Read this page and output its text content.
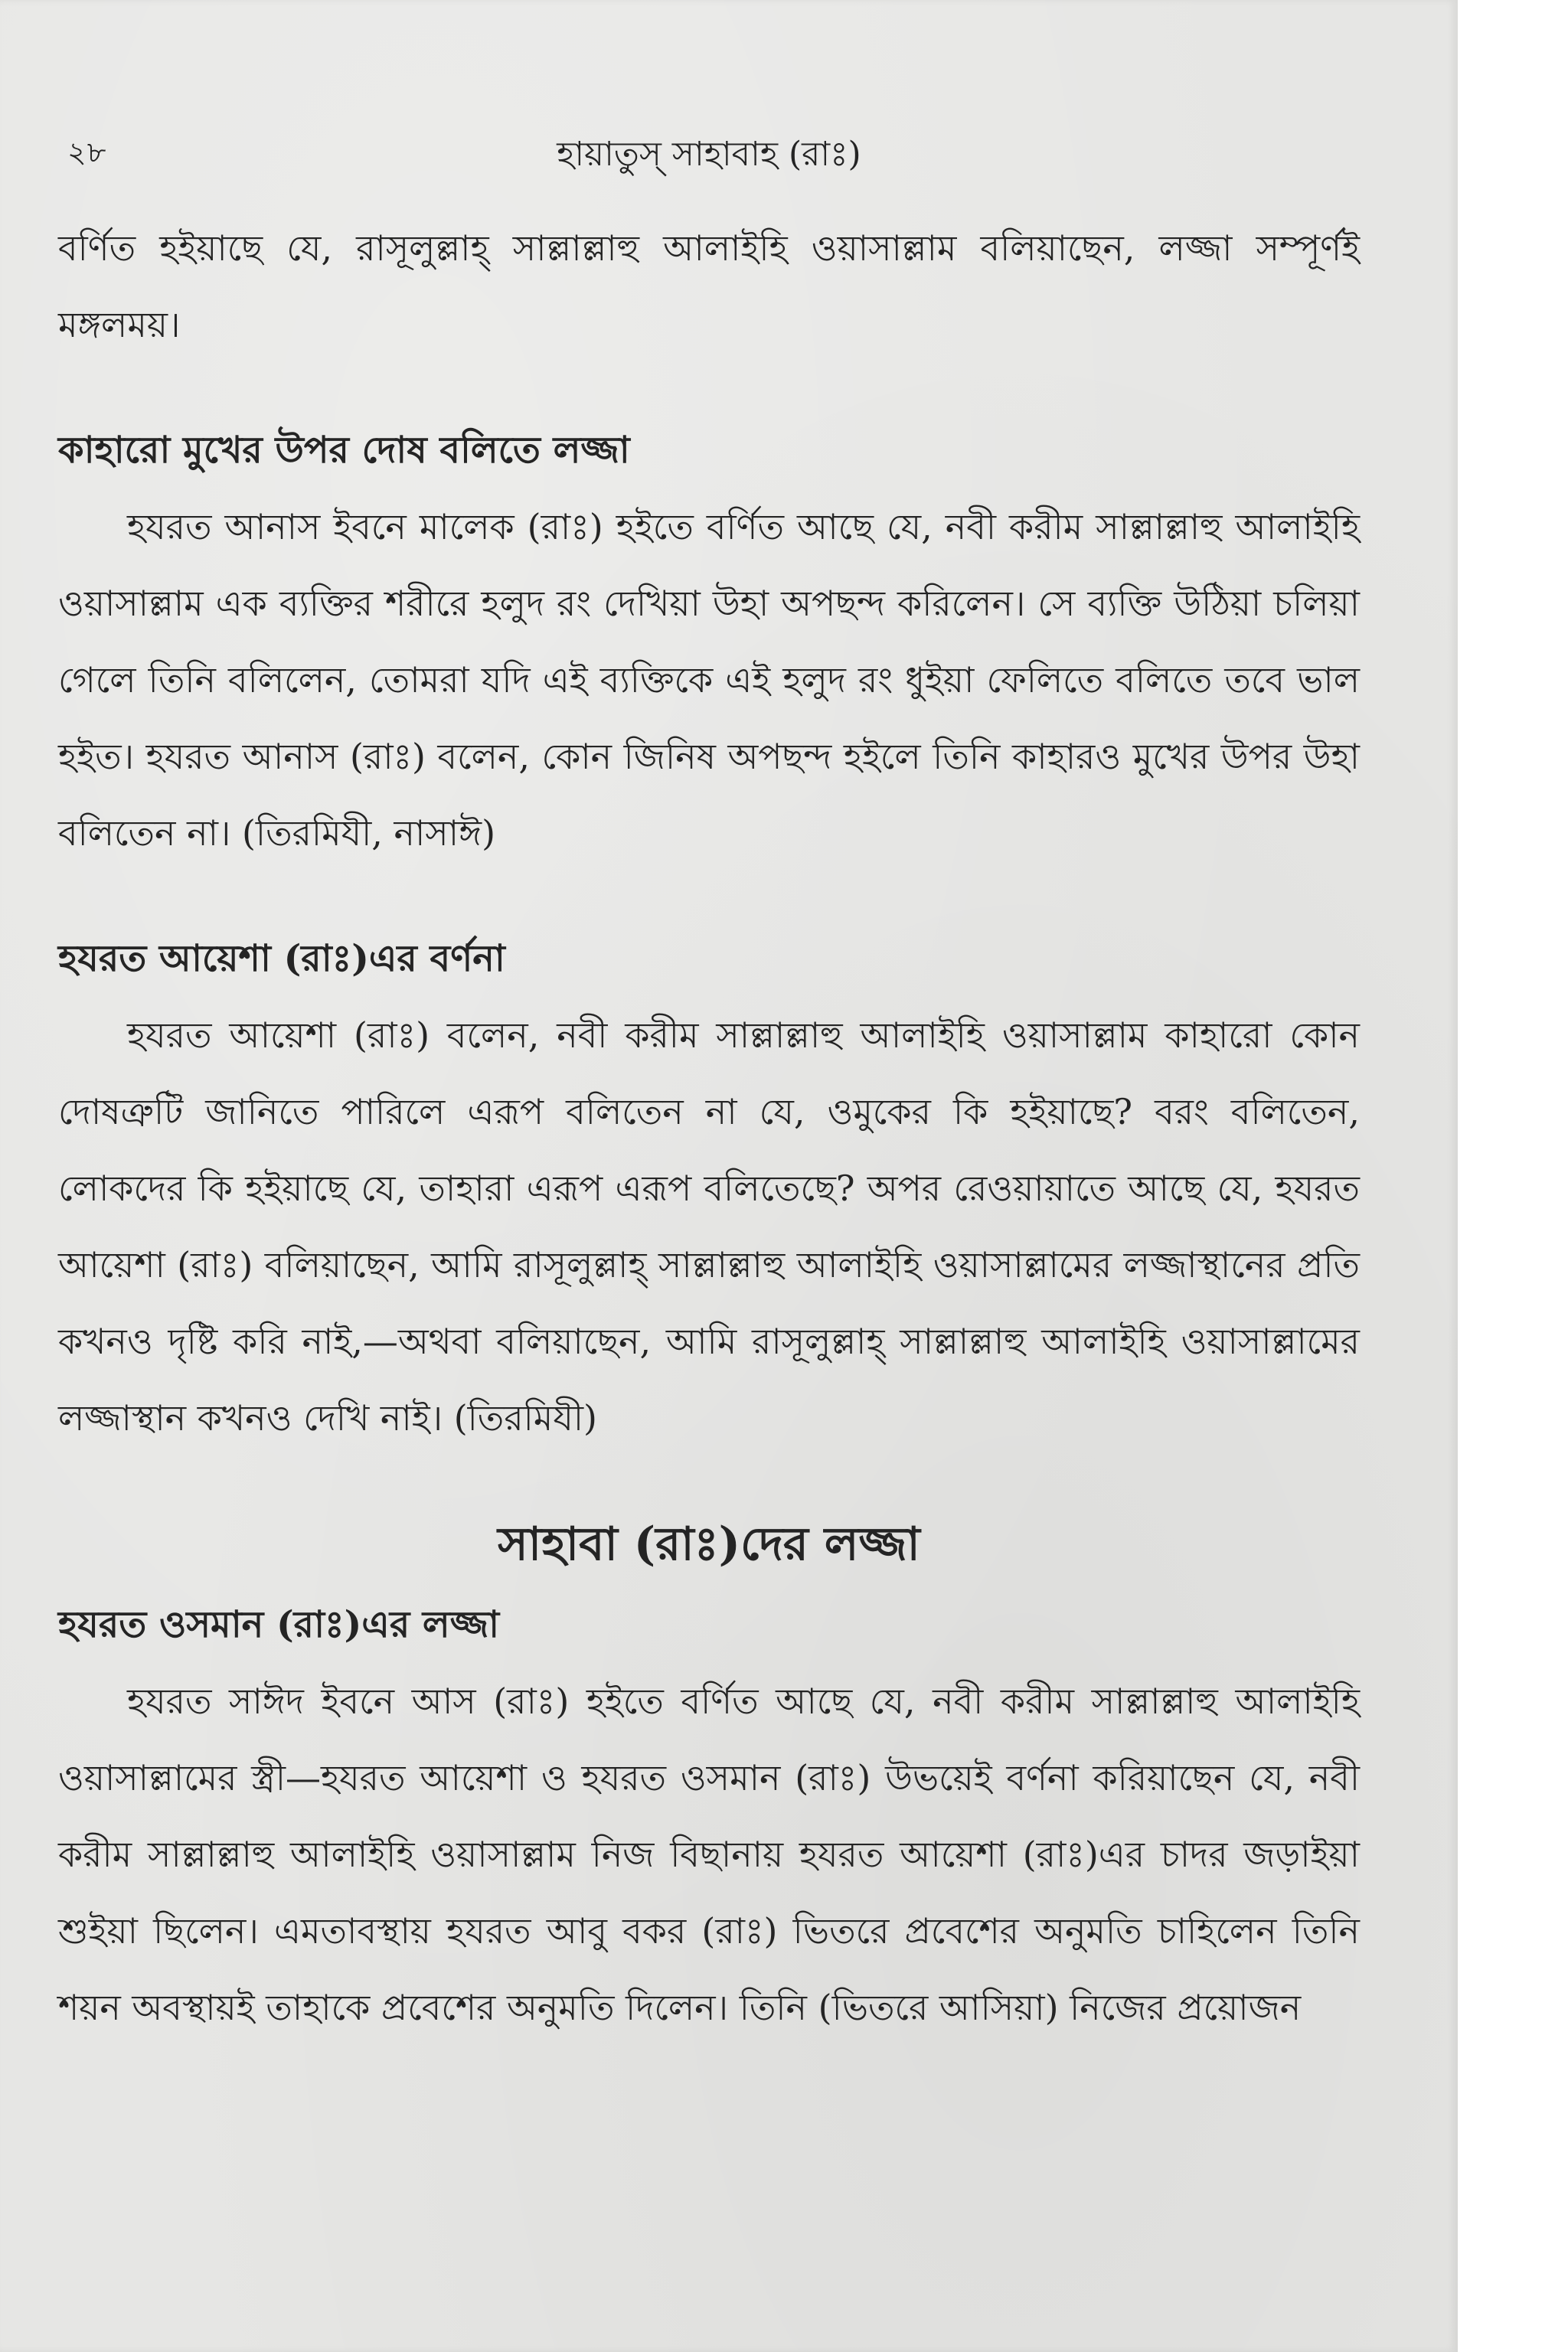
২৮	হায়াতুস্ সাহাবাহ (রাঃ)

বর্ণিত হইয়াছে যে, রাসূলুল্লাহ্ সাল্লাল্লাহু আলাইহি ওয়াসাল্লাম বলিয়াছেন, লজ্জা সম্পূর্ণই মঙ্গলময়।

কাহারো মুখের উপর দোষ বলিতে লজ্জা

হযরত আনাস ইবনে মালেক (রাঃ) হইতে বর্ণিত আছে যে, নবী করীম সাল্লাল্লাহু আলাইহি ওয়াসাল্লাম এক ব্যক্তির শরীরে হলুদ রং দেখিয়া উহা অপছন্দ করিলেন। সে ব্যক্তি উঠিয়া চলিয়া গেলে তিনি বলিলেন, তোমরা যদি এই ব্যক্তিকে এই হলুদ রং ধুইয়া ফেলিতে বলিতে তবে ভাল হইত। হযরত আনাস (রাঃ) বলেন, কোন জিনিষ অপছন্দ হইলে তিনি কাহারও মুখের উপর উহা বলিতেন না। (তিরমিযী, নাসাঈ)

হযরত আয়েশা (রাঃ)এর বর্ণনা

হযরত আয়েশা (রাঃ) বলেন, নবী করীম সাল্লাল্লাহু আলাইহি ওয়াসাল্লাম কাহারো কোন দোষত্রুটি জানিতে পারিলে এরূপ বলিতেন না যে, ওমুকের কি হইয়াছে? বরং বলিতেন, লোকদের কি হইয়াছে যে, তাহারা এরূপ এরূপ বলিতেছে? অপর রেওয়ায়াতে আছে যে, হযরত আয়েশা (রাঃ) বলিয়াছেন, আমি রাসূলুল্লাহ্ সাল্লাল্লাহু আলাইহি ওয়াসাল্লামের লজ্জাস্থানের প্রতি কখনও দৃষ্টি করি নাই,—অথবা বলিয়াছেন, আমি রাসূলুল্লাহ্ সাল্লাল্লাহু আলাইহি ওয়াসাল্লামের লজ্জাস্থান কখনও দেখি নাই। (তিরমিযী)

সাহাবা (রাঃ)দের লজ্জা
হযরত ওসমান (রাঃ)এর লজ্জা

হযরত সাঈদ ইবনে আস (রাঃ) হইতে বর্ণিত আছে যে, নবী করীম সাল্লাল্লাহু আলাইহি ওয়াসাল্লামের স্ত্রী—হযরত আয়েশা ও হযরত ওসমান (রাঃ) উভয়েই বর্ণনা করিয়াছেন যে, নবী করীম সাল্লাল্লাহু আলাইহি ওয়াসাল্লাম নিজ বিছানায় হযরত আয়েশা (রাঃ)এর চাদর জড়াইয়া শুইয়া ছিলেন। এমতাবস্থায় হযরত আবু বকর (রাঃ) ভিতরে প্রবেশের অনুমতি চাহিলেন তিনি শয়ন অবস্থায়ই তাহাকে প্রবেশের অনুমতি দিলেন। তিনি (ভিতরে আসিয়া) নিজের প্রয়োজন
